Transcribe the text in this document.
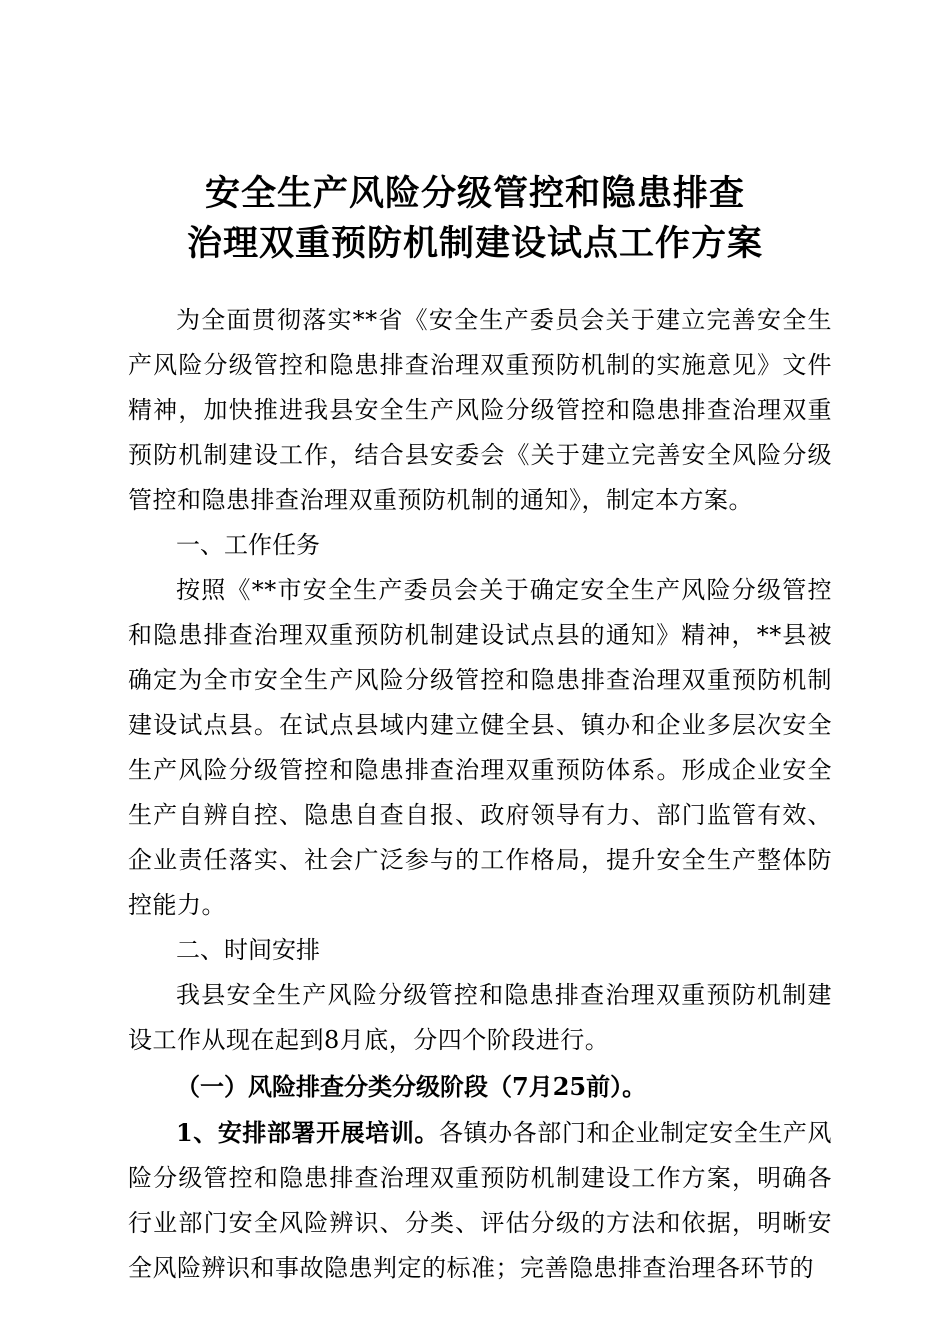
安全生产风险分级管控和隐患排查
治理双重预防机制建设试点工作方案

为全面贯彻落实**省《安全生产委员会关于建立完善安全生产风险分级管控和隐患排查治理双重预防机制的实施意见》文件精神，加快推进我县安全生产风险分级管控和隐患排查治理双重预防机制建设工作，结合县安委会《关于建立完善安全风险分级管控和隐患排查治理双重预防机制的通知》，制定本方案。

一、工作任务

按照《**市安全生产委员会关于确定安全生产风险分级管控和隐患排查治理双重预防机制建设试点县的通知》精神，**县被确定为全市安全生产风险分级管控和隐患排查治理双重预防机制建设试点县。在试点县域内建立健全县、镇办和企业多层次安全生产风险分级管控和隐患排查治理双重预防体系。形成企业安全生产自辨自控、隐患自查自报、政府领导有力、部门监管有效、企业责任落实、社会广泛参与的工作格局，提升安全生产整体防控能力。

二、时间安排

我县安全生产风险分级管控和隐患排查治理双重预防机制建设工作从现在起到8月底，分四个阶段进行。

（一）风险排查分类分级阶段（7月25前）。

1、安排部署开展培训。各镇办各部门和企业制定安全生产风险分级管控和隐患排查治理双重预防机制建设工作方案，明确各行业部门安全风险辨识、分类、评估分级的方法和依据，明晰安全风险辨识和事故隐患判定的标准；完善隐患排查治理各环节的
